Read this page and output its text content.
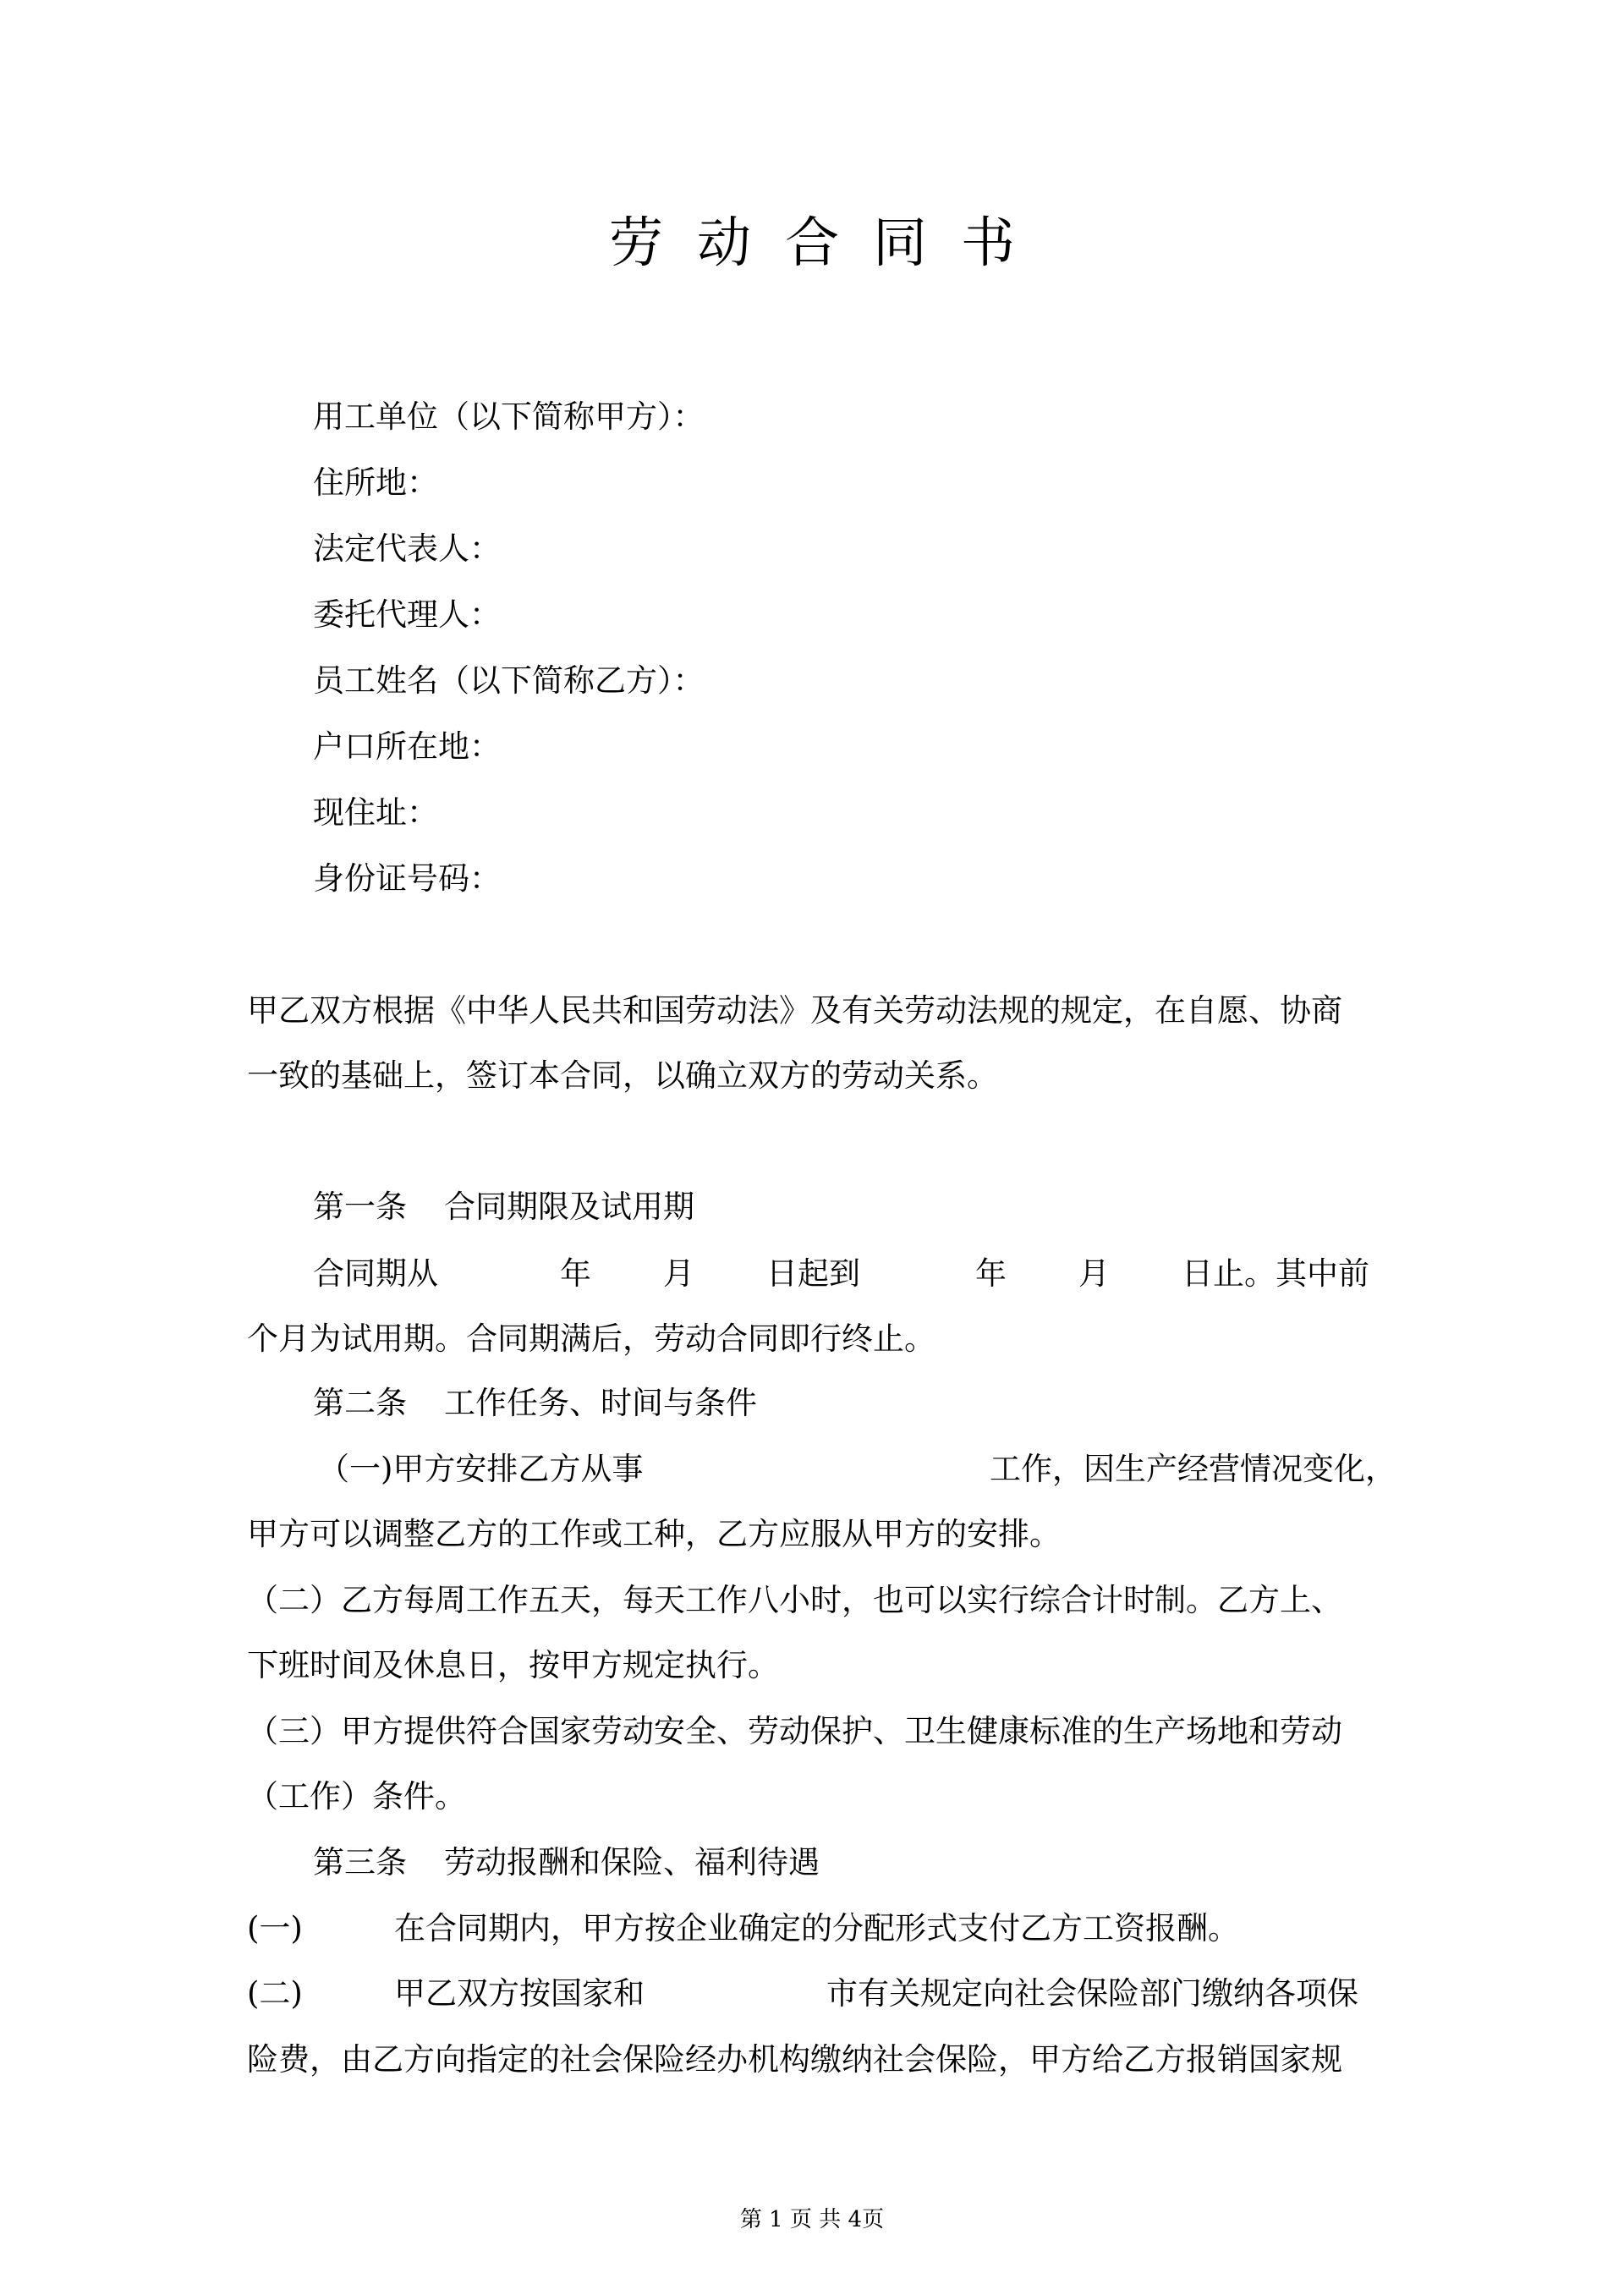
劳动合同书
用工单位（以下简称甲方）：
住所地：
法定代表人：
委托代理人：
员工姓名（以下简称乙方）：
户口所在地：
现住址：
身份证号码：
甲乙双方根据《中华人民共和国劳动法》及有关劳动法规的规定，在自愿、协商
一致的基础上，签订本合同，以确立双方的劳动关系。
第一条 合同期限及试用期
合同期从	年 月 日起到	年 月 日止。其中前
个月为试用期。合同期满后，劳动合同即行终止。
第二条 工作任务、时间与条件
（一)甲方安排乙方从事	工作，因生产经营情况变化，
甲方可以调整乙方的工作或工种，乙方应服从甲方的安排。
（二）乙方每周工作五天，每天工作八小时，也可以实行综合计时制。乙方上、
下班时间及休息日，按甲方规定执行。
（三）甲方提供符合国家劳动安全、劳动保护、卫生健康标准的生产场地和劳动
（工作）条件。
第三条 劳动报酬和保险、福利待遇
(一)	在合同期内，甲方按企业确定的分配形式支付乙方工资报酬。
(二)	甲乙双方按国家和	市有关规定向社会保险部门缴纳各项保
险费，由乙方向指定的社会保险经办机构缴纳社会保险，甲方给乙方报销国家规
第 1 页 共 4页
